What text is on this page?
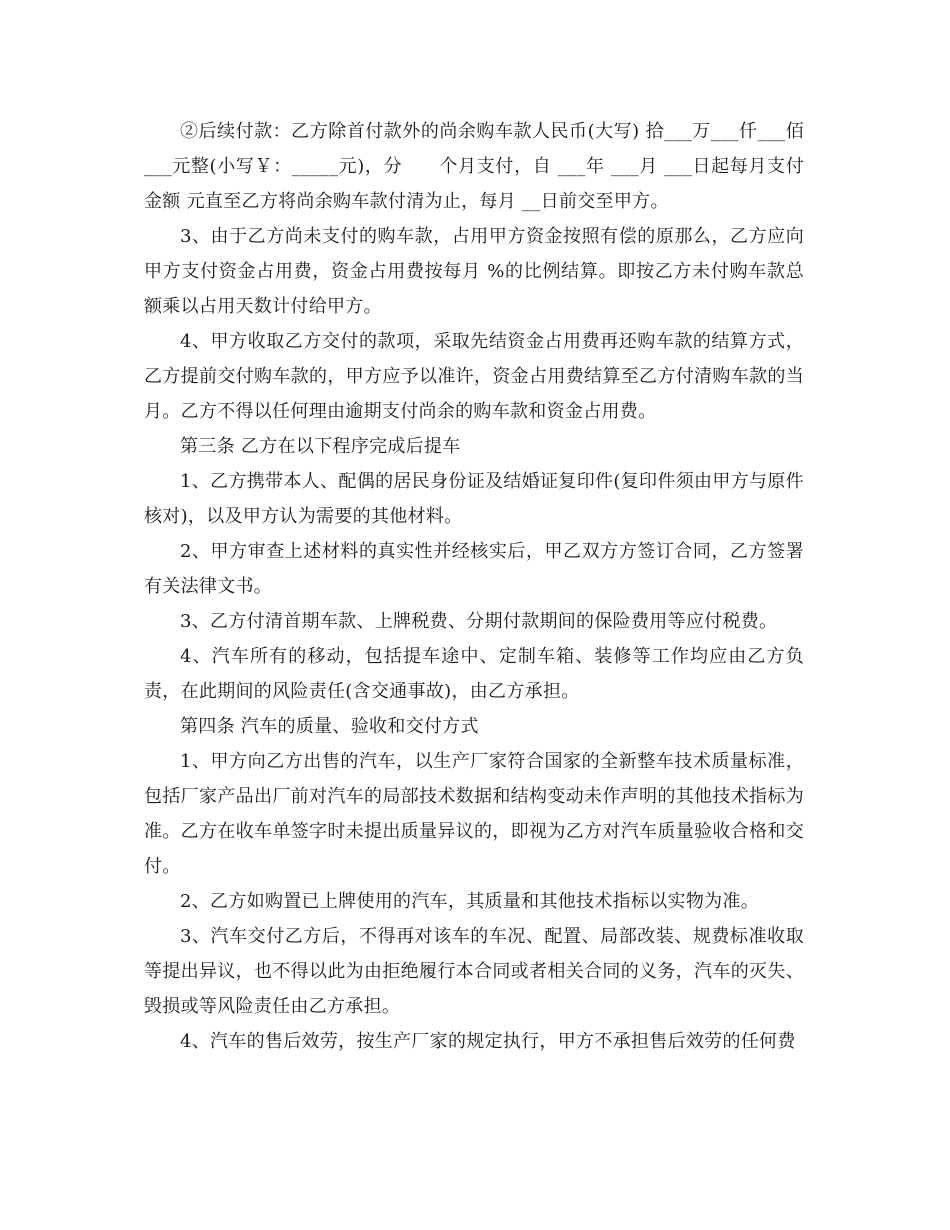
②后续付款：乙方除首付款外的尚余购车款人民币(大写) 拾___万___仟___佰___元整(小写￥：_____元)，分　　个月支付，自 ___年 ___月 ___日起每月支付金额 元直至乙方将尚余购车款付清为止，每月 __日前交至甲方。

3、由于乙方尚未支付的购车款，占用甲方资金按照有偿的原那么，乙方应向甲方支付资金占用费，资金占用费按每月 %的比例结算。即按乙方未付购车款总额乘以占用天数计付给甲方。

4、甲方收取乙方交付的款项，采取先结资金占用费再还购车款的结算方式，乙方提前交付购车款的，甲方应予以准许，资金占用费结算至乙方付清购车款的当月。乙方不得以任何理由逾期支付尚余的购车款和资金占用费。

第三条 乙方在以下程序完成后提车

1、乙方携带本人、配偶的居民身份证及结婚证复印件(复印件须由甲方与原件核对)，以及甲方认为需要的其他材料。

2、甲方审查上述材料的真实性并经核实后，甲乙双方方签订合同，乙方签署有关法律文书。

3、乙方付清首期车款、上牌税费、分期付款期间的保险费用等应付税费。

4、汽车所有的移动，包括提车途中、定制车箱、装修等工作均应由乙方负责，在此期间的风险责任(含交通事故)，由乙方承担。

第四条 汽车的质量、验收和交付方式

1、甲方向乙方出售的汽车，以生产厂家符合国家的全新整车技术质量标准，包括厂家产品出厂前对汽车的局部技术数据和结构变动未作声明的其他技术指标为准。乙方在收车单签字时未提出质量异议的，即视为乙方对汽车质量验收合格和交付。

2、乙方如购置已上牌使用的汽车，其质量和其他技术指标以实物为准。

3、汽车交付乙方后，不得再对该车的车况、配置、局部改装、规费标准收取等提出异议，也不得以此为由拒绝履行本合同或者相关合同的义务，汽车的灭失、毁损或等风险责任由乙方承担。

4、汽车的售后效劳，按生产厂家的规定执行，甲方不承担售后效劳的任何费
